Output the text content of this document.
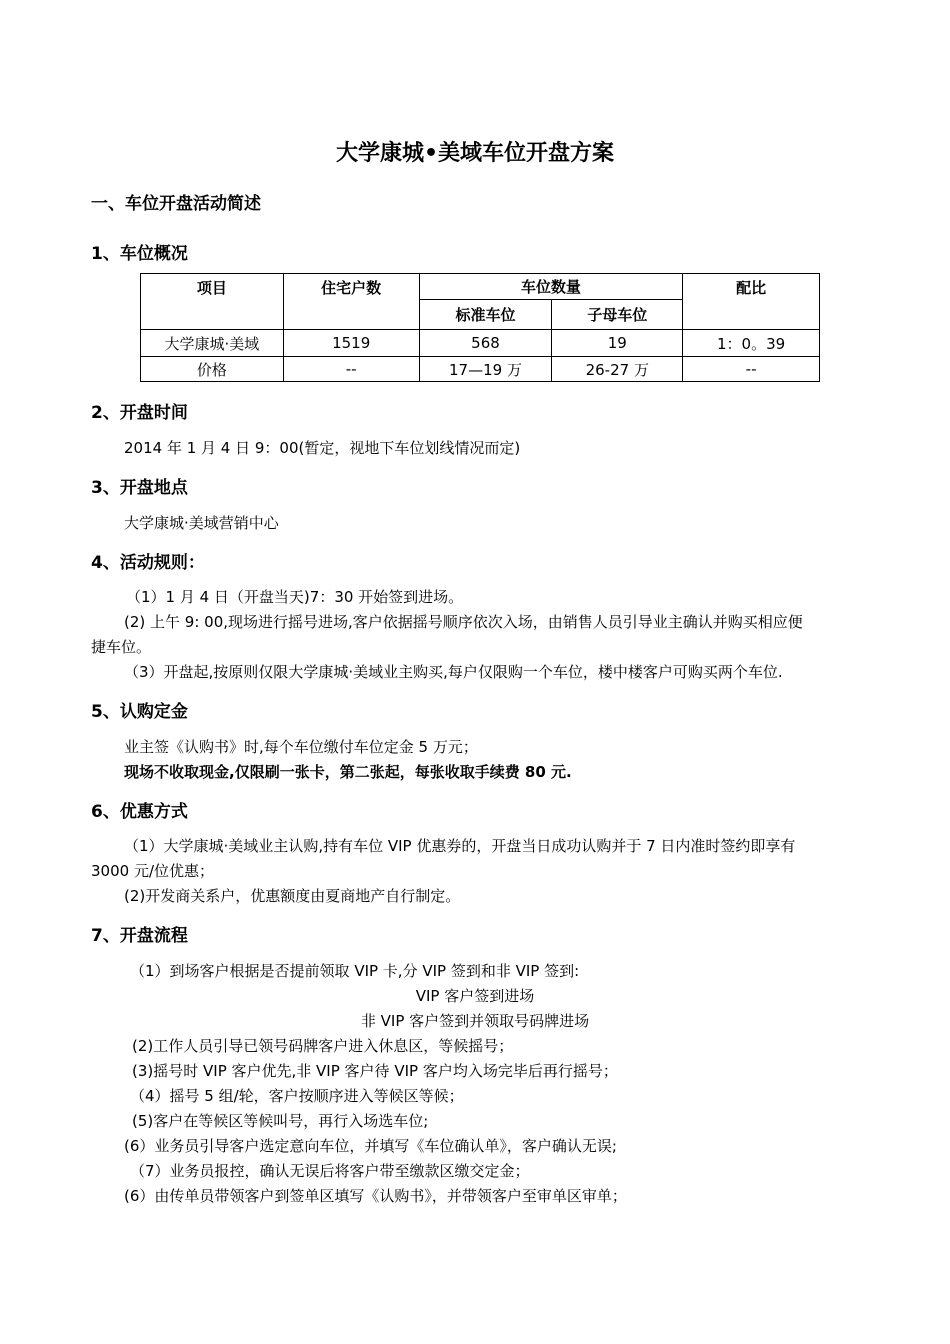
大学康城•美域车位开盘方案
一、车位开盘活动简述
1、车位概况
项目	住宅户数	车位数量		配比
		标准车位	子母车位	
大学康城·美域	1519	568	19	1：0。39
价格	--	17—19 万	26-27 万	--
2、开盘时间
2014 年 1 月 4 日 9：00(暂定，视地下车位划线情况而定)
3、开盘地点
大学康城·美域营销中心
4、活动规则：
（1）1 月 4 日（开盘当天)7：30 开始签到进场。
(2) 上午 9: 00,现场进行摇号进场,客户依据摇号顺序依次入场，由销售人员引导业主确认并购买相应便
捷车位。
（3）开盘起,按原则仅限大学康城·美域业主购买,每户仅限购一个车位，楼中楼客户可购买两个车位.
5、认购定金
业主签《认购书》时,每个车位缴付车位定金 5 万元；
现场不收取现金,仅限刷一张卡，第二张起，每张收取手续费 80 元.
6、优惠方式
（1）大学康城·美域业主认购,持有车位 VIP 优惠券的，开盘当日成功认购并于 7 日内准时签约即享有
3000 元/位优惠；
(2)开发商关系户，优惠额度由夏商地产自行制定。
7、开盘流程
（1）到场客户根据是否提前领取 VIP 卡,分 VIP 签到和非 VIP 签到:
VIP 客户签到进场
非 VIP 客户签到并领取号码牌进场
(2)工作人员引导已领号码牌客户进入休息区，等候摇号；
(3)摇号时 VIP 客户优先,非 VIP 客户待 VIP 客户均入场完毕后再行摇号；
（4）摇号 5 组/轮，客户按顺序进入等候区等候；
(5)客户在等候区等候叫号，再行入场选车位;
(6）业务员引导客户选定意向车位，并填写《车位确认单》，客户确认无误;
（7）业务员报控，确认无误后将客户带至缴款区缴交定金；
(6）由传单员带领客户到签单区填写《认购书》，并带领客户至审单区审单；
